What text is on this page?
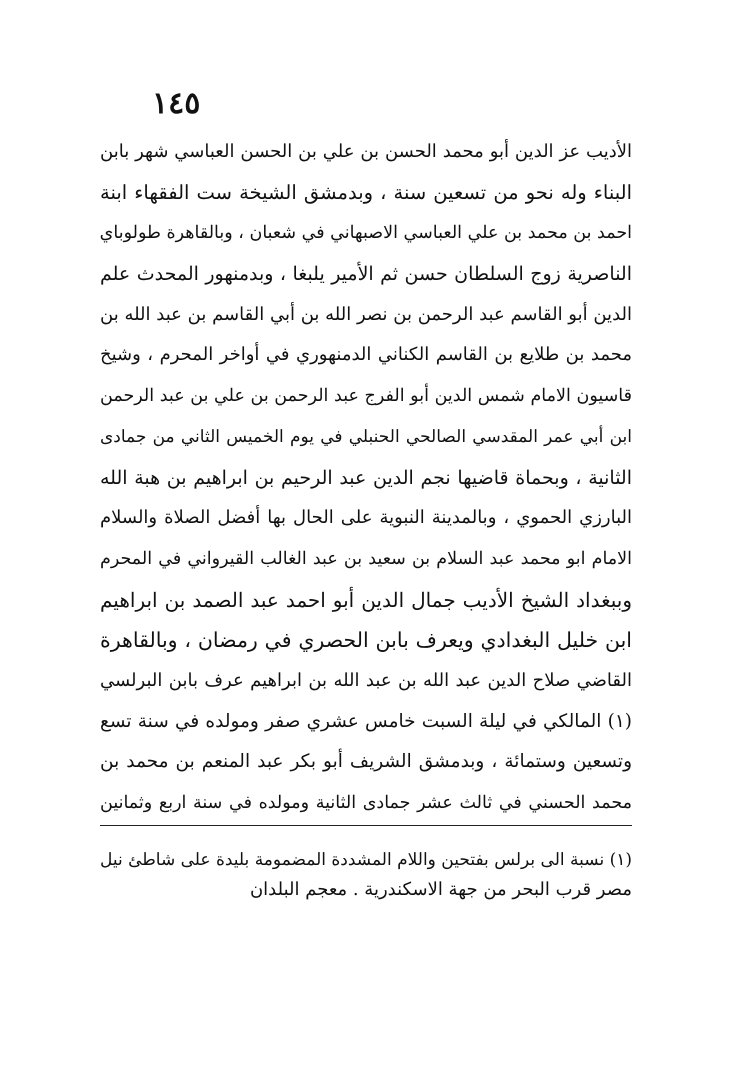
١٤٥
الأديب عز الدين أبو محمد الحسن بن علي بن الحسن العباسي شهر بابن
البناء وله نحو من تسعين سنة ، وبدمشق الشيخة ست الفقهاء ابنة
احمد بن محمد بن علي العباسي الاصبهاني في شعبان ، وبالقاهرة طولوباي
الناصرية زوج السلطان حسن ثم الأمير يلبغا ، وبدمنهور المحدث علم
الدين أبو القاسم عبد الرحمن بن نصر الله بن أبي القاسم بن عبد الله بن
محمد بن طلايع بن القاسم الكناني الدمنهوري في أواخر المحرم ، وشيخ
قاسيون الامام شمس الدين أبو الفرج عبد الرحمن بن علي بن عبد الرحمن
ابن أبي عمر المقدسي الصالحي الحنبلي في يوم الخميس الثاني من جمادى
الثانية ، وبحماة قاضيها نجم الدين عبد الرحيم بن ابراهيم بن هبة الله
البارزي الحموي ، وبالمدينة النبوية على الحال بها أفضل الصلاة والسلام
الامام ابو محمد عبد السلام بن سعيد بن عبد الغالب القيرواني في المحرم
وببغداد الشيخ الأديب جمال الدين أبو احمد عبد الصمد بن ابراهيم
ابن خليل البغدادي ويعرف بابن الحصري في رمضان ، وبالقاهرة
القاضي صلاح الدين عبد الله بن عبد الله بن ابراهيم عرف بابن البرلسي
(١) المالكي في ليلة السبت خامس عشري صفر ومولده في سنة تسع
وتسعين وستمائة ، وبدمشق الشريف أبو بكر عبد المنعم بن محمد بن
محمد الحسني في ثالث عشر جمادى الثانية ومولده في سنة اربع وثمانين
(١) نسبة الى برلس بفتحين واللام المشددة المضمومة بليدة على شاطئ نيل
مصر قرب البحر من جهة الاسكندرية . معجم البلدان
